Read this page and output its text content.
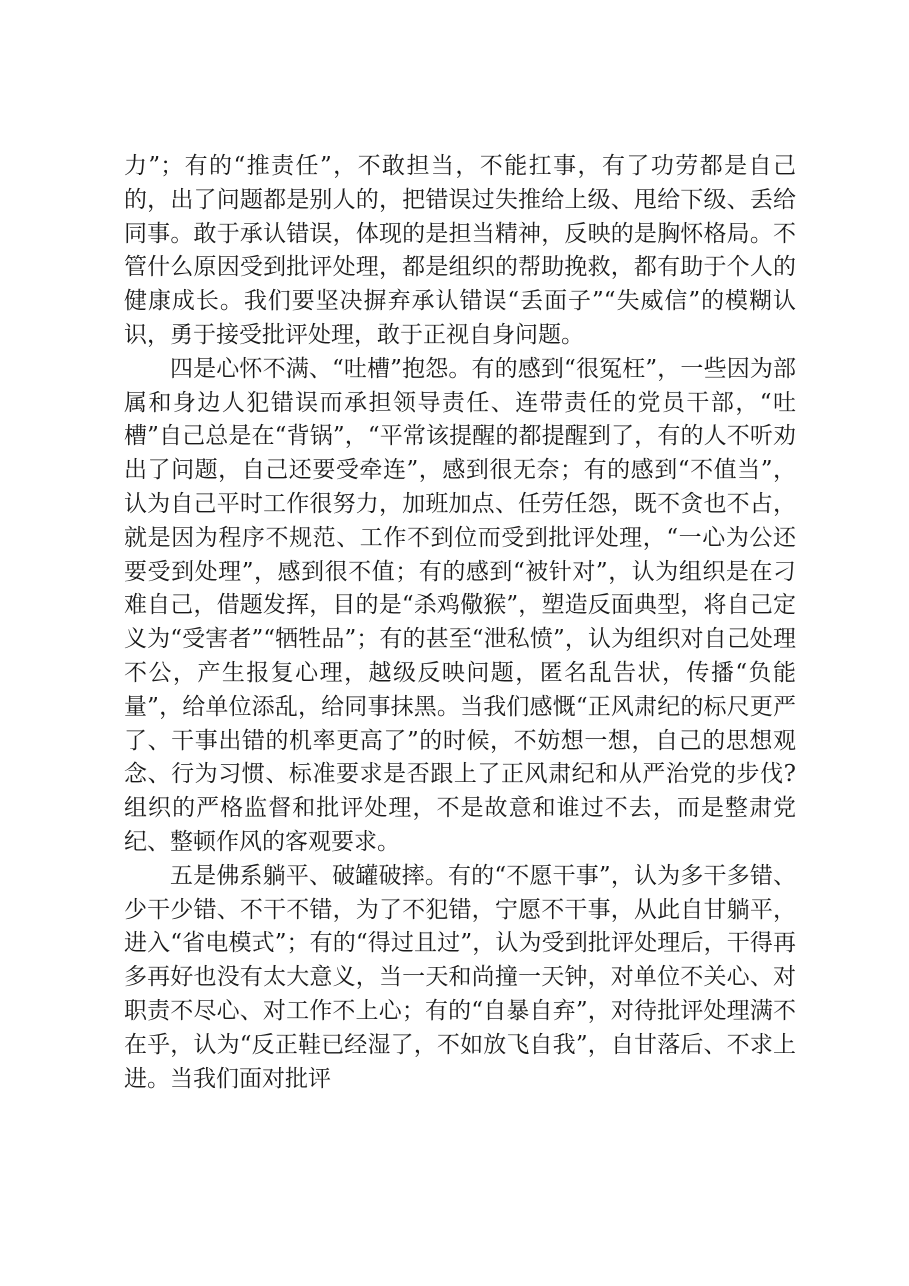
力”；有的“推责任”，不敢担当，不能扛事，有了功劳都是自己的，出了问题都是别人的，把错误过失推给上级、甩给下级、丢给同事。敢于承认错误，体现的是担当精神，反映的是胸怀格局。不管什么原因受到批评处理，都是组织的帮助挽救，都有助于个人的健康成长。我们要坚决摒弃承认错误“丢面子”“失威信”的模糊认识，勇于接受批评处理，敢于正视自身问题。

四是心怀不满、“吐槽”抱怨。有的感到“很冤枉”，一些因为部属和身边人犯错误而承担领导责任、连带责任的党员干部，“吐槽”自己总是在“背锅”，“平常该提醒的都提醒到了，有的人不听劝出了问题，自己还要受牵连”，感到很无奈；有的感到“不值当”，认为自己平时工作很努力，加班加点、任劳任怨，既不贪也不占，就是因为程序不规范、工作不到位而受到批评处理，“一心为公还要受到处理”，感到很不值；有的感到“被针对”，认为组织是在刁难自己，借题发挥，目的是“杀鸡儆猴”，塑造反面典型，将自己定义为“受害者”“牺牲品”；有的甚至“泄私愤”，认为组织对自己处理不公，产生报复心理，越级反映问题，匿名乱告状，传播“负能量”，给单位添乱，给同事抹黑。当我们感慨“正风肃纪的标尺更严了、干事出错的机率更高了”的时候，不妨想一想，自己的思想观念、行为习惯、标准要求是否跟上了正风肃纪和从严治党的步伐?组织的严格监督和批评处理，不是故意和谁过不去，而是整肃党纪、整顿作风的客观要求。

五是佛系躺平、破罐破摔。有的“不愿干事”，认为多干多错、少干少错、不干不错，为了不犯错，宁愿不干事，从此自甘躺平，进入“省电模式”；有的“得过且过”，认为受到批评处理后，干得再多再好也没有太大意义，当一天和尚撞一天钟，对单位不关心、对职责不尽心、对工作不上心；有的“自暴自弃”，对待批评处理满不在乎，认为“反正鞋已经湿了，不如放飞自我”，自甘落后、不求上进。当我们面对批评
